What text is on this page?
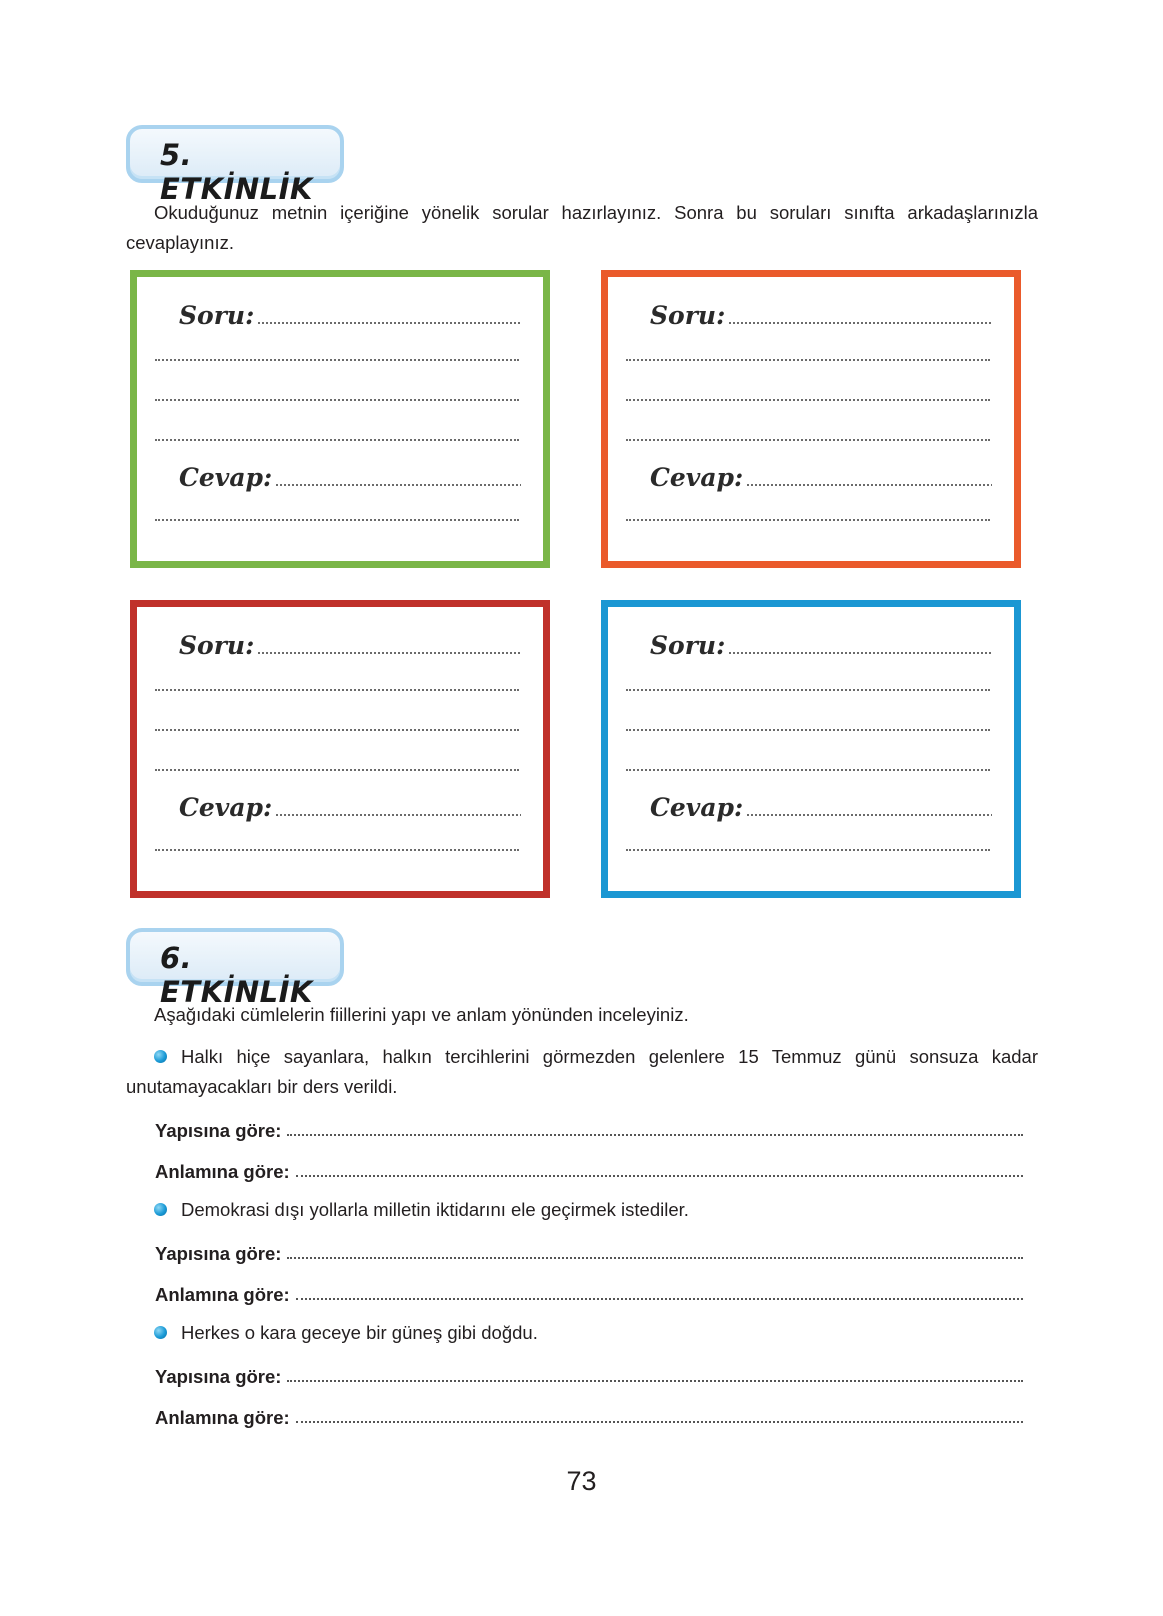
5. ETKİNLİK

Okuduğunuz metnin içeriğine yönelik sorular hazırlayınız. Sonra bu soruları sınıfta arkadaşlarınızla cevaplayınız.

Soru:
Cevap:
Soru:
Cevap:
Soru:
Cevap:
Soru:
Cevap:
6. ETKİNLİK

Aşağıdaki cümlelerin fiillerini yapı ve anlam yönünden inceleyiniz.

Halkı hiçe sayanlara, halkın tercihlerini görmezden gelenlere 15 Temmuz günü sonsuza kadar unutamayacakları bir ders verildi.

Yapısına göre:
Anlamına göre:

Demokrasi dışı yollarla milletin iktidarını ele geçirmek istediler.

Yapısına göre:
Anlamına göre:

Herkes o kara geceye bir güneş gibi doğdu.

Yapısına göre:
Anlamına göre:
73
